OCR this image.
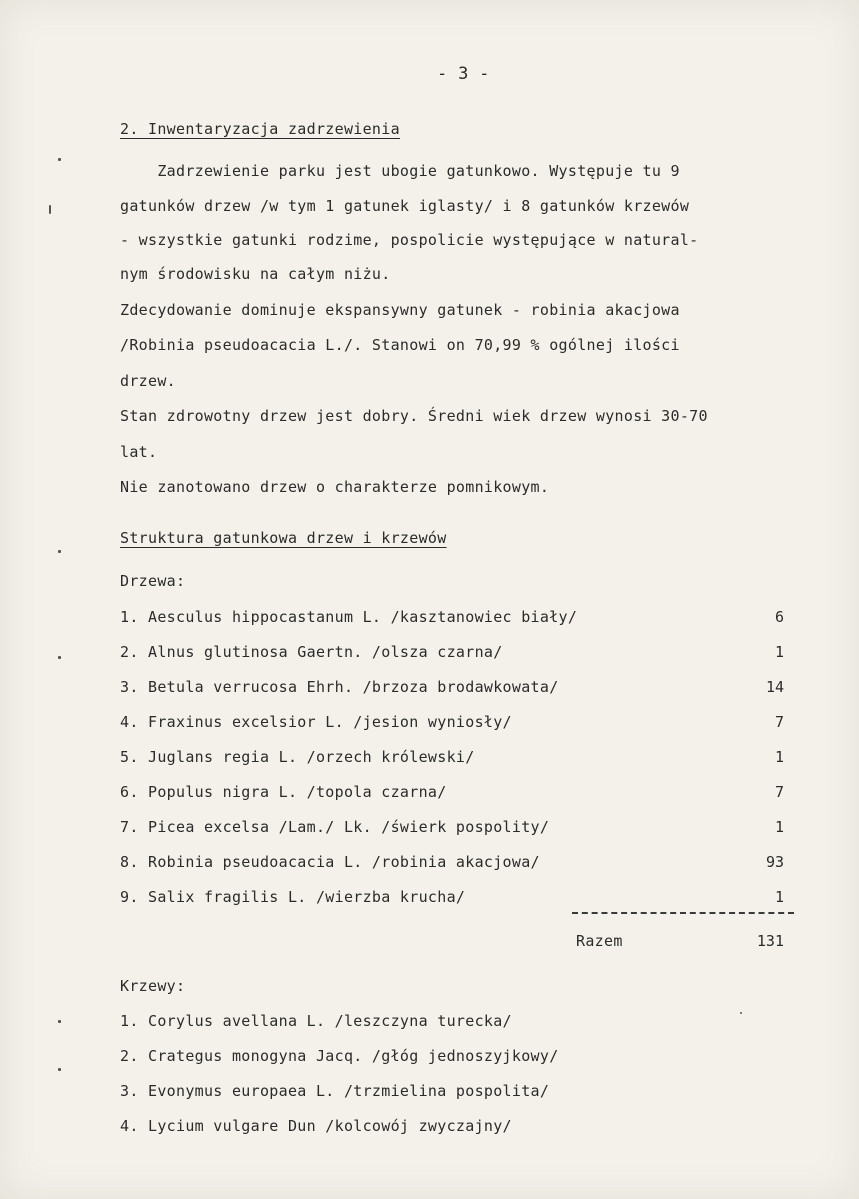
- 3 -
2. Inwentaryzacja zadrzewienia
Zadrzewienie parku jest ubogie gatunkowo. Występuje tu 9
gatunków drzew /w tym 1 gatunek iglasty/ i 8 gatunków krzewów
- wszystkie gatunki rodzime, pospolicie występujące w natural-
nym środowisku na całym niżu.
Zdecydowanie dominuje ekspansywny gatunek - robinia akacjowa
/Robinia pseudoacacia L./. Stanowi on 70,99 % ogólnej ilości
drzew.
Stan zdrowotny drzew jest dobry. Średni wiek drzew wynosi 30-70
lat.
Nie zanotowano drzew o charakterze pomnikowym.
Struktura gatunkowa drzew i krzewów
Drzewa:
1. Aesculus hippocastanum L. /kasztanowiec biały/	6
2. Alnus glutinosa Gaertn. /olsza czarna/	1
3. Betula verrucosa Ehrh. /brzoza brodawkowata/	14
4. Fraxinus excelsior L. /jesion wyniosły/	7
5. Juglans regia L. /orzech królewski/	1
6. Populus nigra L. /topola czarna/	7
7. Picea excelsa /Lam./ Lk. /świerk pospolity/	1
8. Robinia pseudoacacia L. /robinia akacjowa/	93
9. Salix fragilis L. /wierzba krucha/	1
Razem	131
Krzewy:
1. Corylus avellana L. /leszczyna turecka/
2. Crategus monogyna Jacq. /głóg jednoszyjkowy/
3. Evonymus europaea L. /trzmielina pospolita/
4. Lycium vulgare Dun /kolcowój zwyczajny/
